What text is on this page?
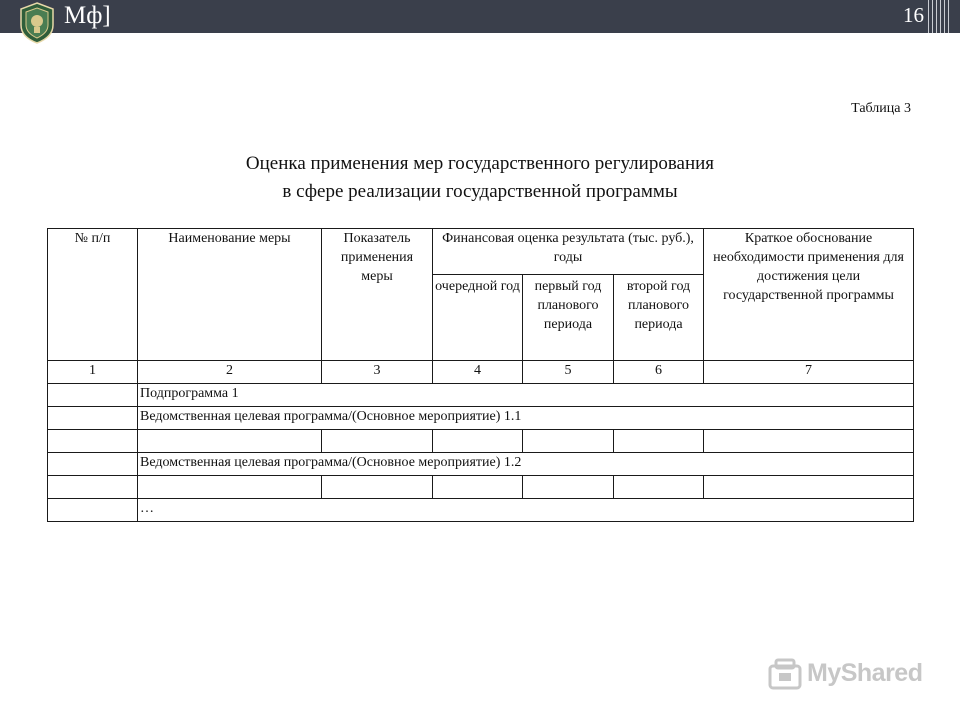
Мф]	16
Таблица 3
Оценка применения мер государственного регулирования
в сфере реализации государственной программы
№ п/п	Наименование меры	Показатель применения меры	Финансовая оценка результата (тыс. руб.), годы			Краткое обоснование необходимости применения для достижения цели государственной программы
			очередной год	первый год планового периода	второй год планового периода	
1	2	3	4	5	6	7
	Подпрограмма 1					
	Ведомственная целевая программа/(Основное мероприятие) 1.1					

	Ведомственная целевая программа/(Основное мероприятие) 1.2					

	…					
MyShared
